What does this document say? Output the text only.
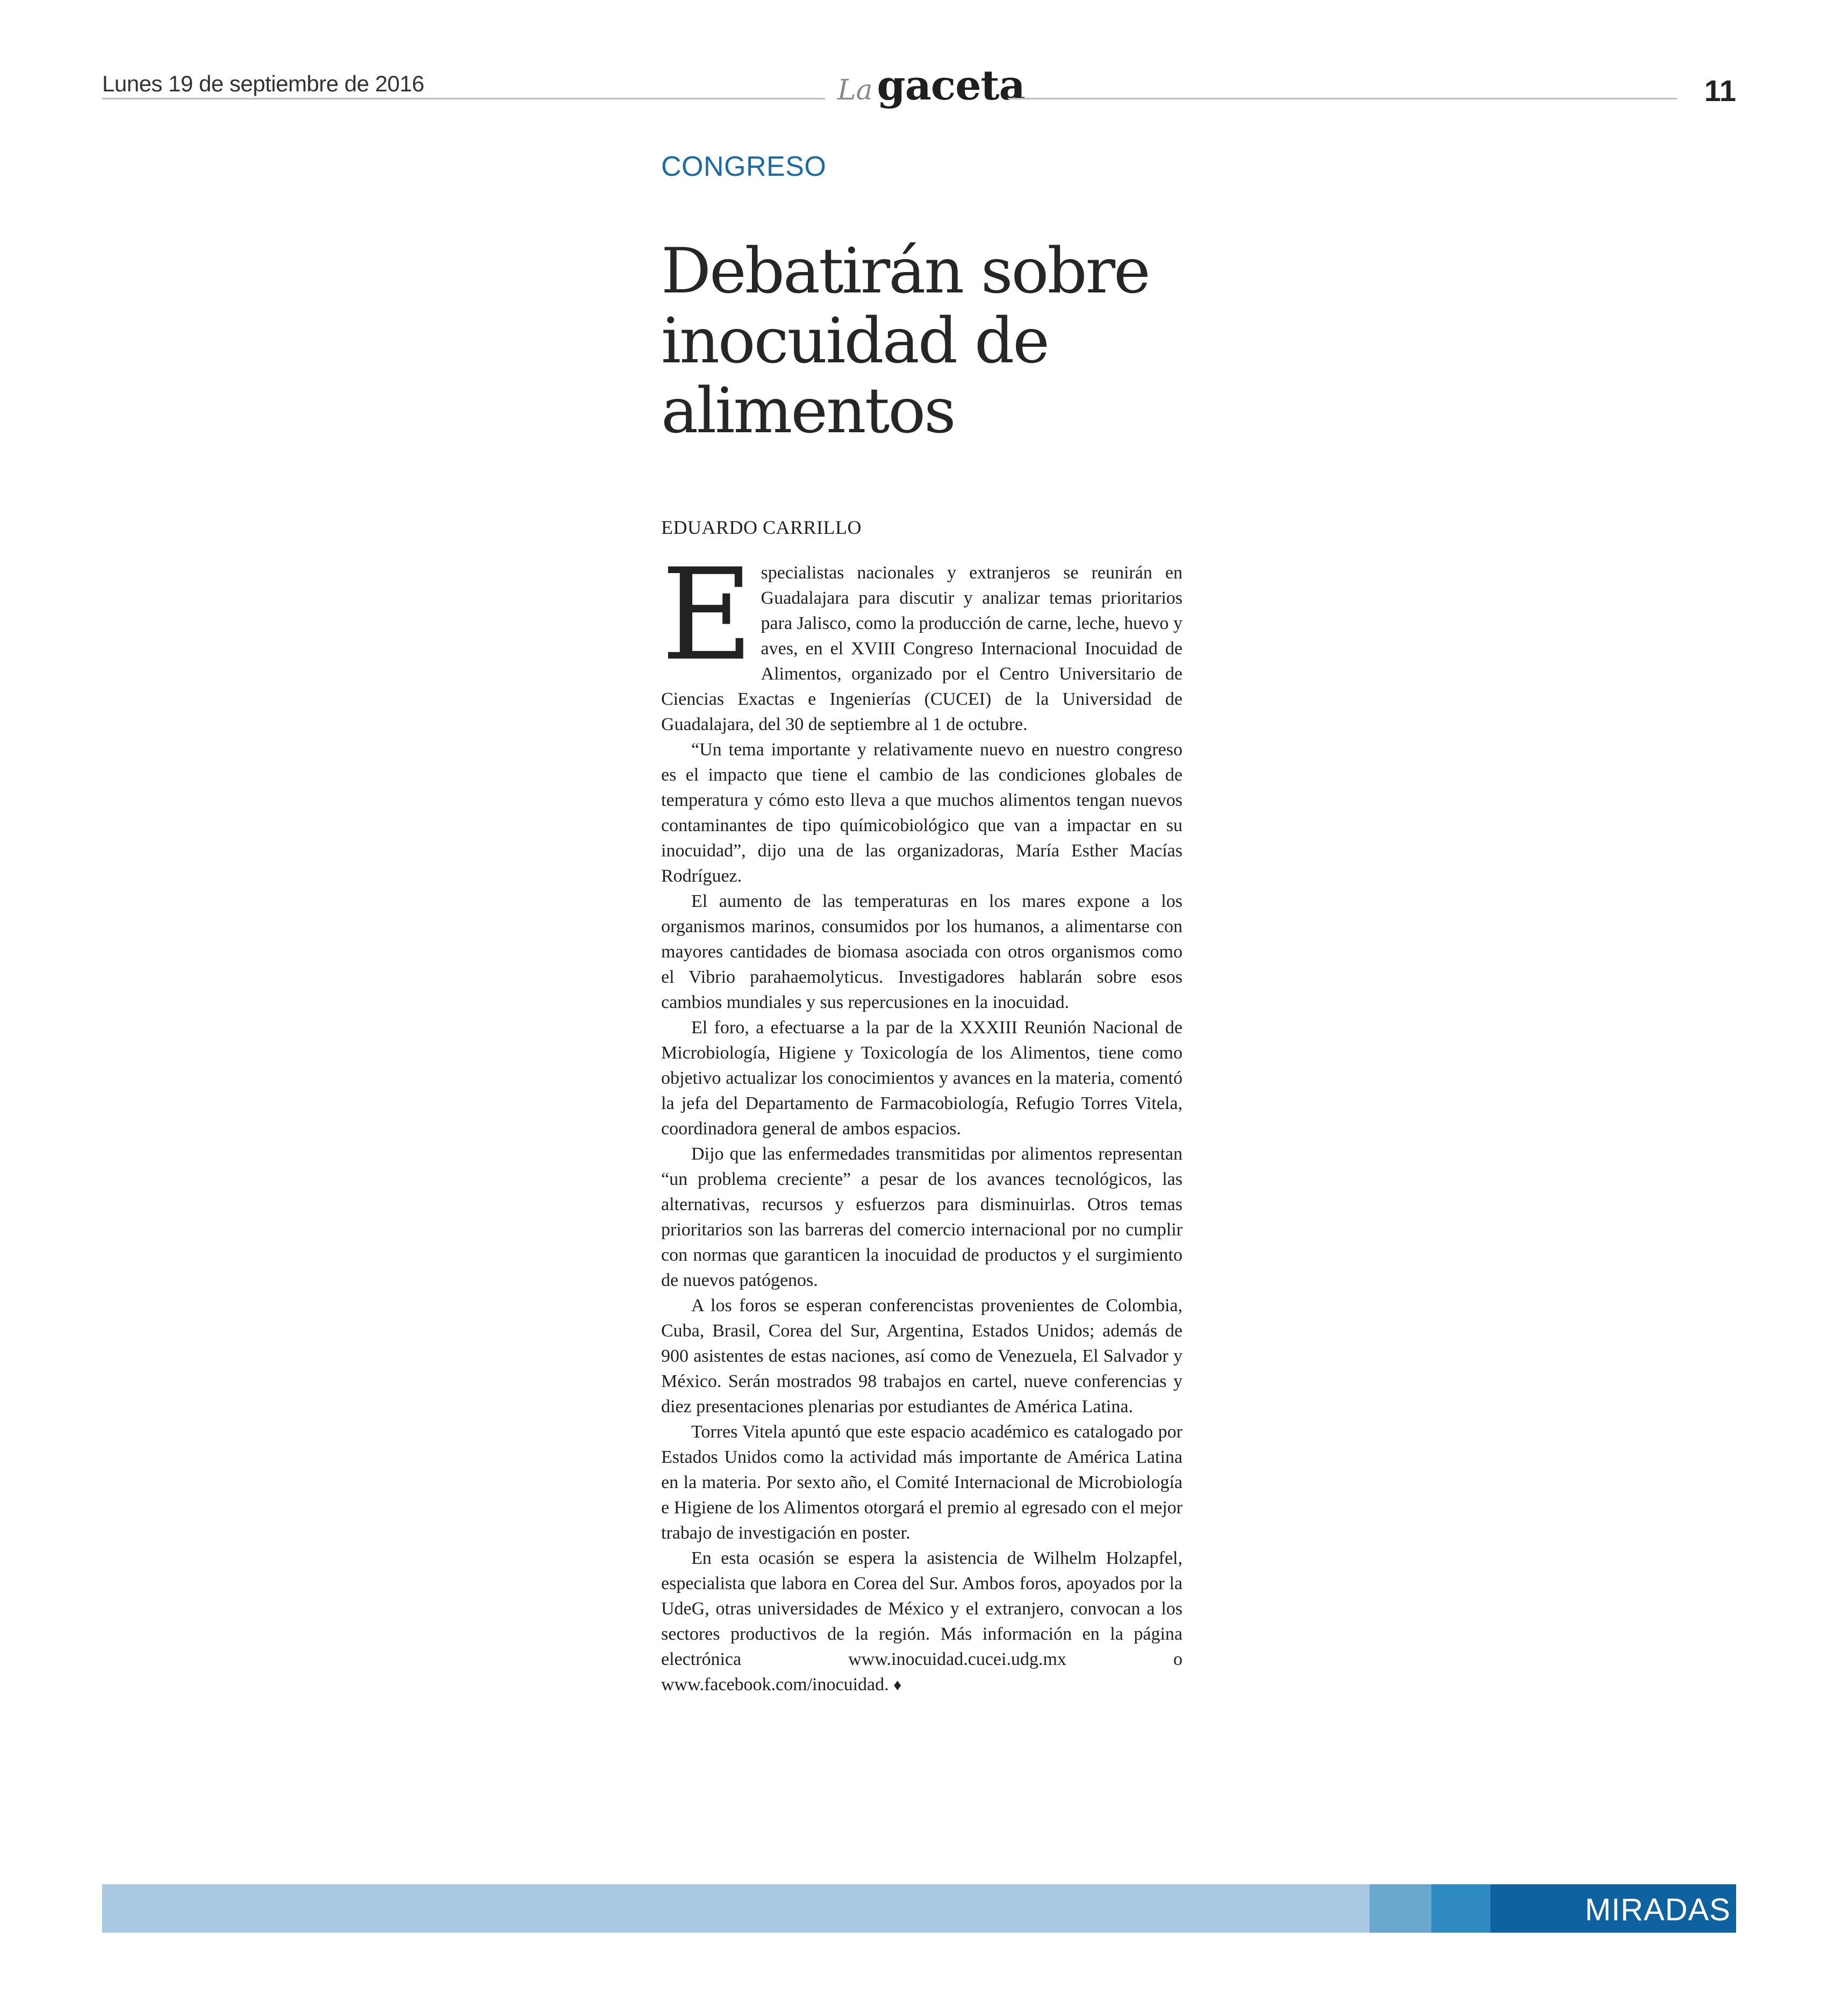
Lunes 19 de septiembre de 2016	La gaceta	11
CONGRESO
Debatirán sobre
inocuidad de
alimentos
EDUARDO CARRILLO

Especialistas nacionales y extranjeros se reunirán en Guadalajara para discutir y analizar temas prioritarios para Jalisco, como la producción de carne, leche, huevo y aves, en el XVIII Congreso Internacional Inocuidad de Alimentos, organizado por el Centro Universitario de Ciencias Exactas e Ingenierías (CUCEI) de la Universidad de Guadalajara, del 30 de septiembre al 1 de octubre.

“Un tema importante y relativamente nuevo en nuestro congreso es el impacto que tiene el cambio de las condiciones globales de temperatura y cómo esto lleva a que muchos alimentos tengan nuevos contaminantes de tipo químicobiológico que van a impactar en su inocuidad”, dijo una de las organizadoras, María Esther Macías Rodríguez.

El aumento de las temperaturas en los mares expone a los organismos marinos, consumidos por los humanos, a alimentarse con mayores cantidades de biomasa asociada con otros organismos como el Vibrio parahaemolyticus. Investigadores hablarán sobre esos cambios mundiales y sus repercusiones en la inocuidad.

El foro, a efectuarse a la par de la XXXIII Reunión Nacional de Microbiología, Higiene y Toxicología de los Alimentos, tiene como objetivo actualizar los conocimientos y avances en la materia, comentó la jefa del Departamento de Farmacobiología, Refugio Torres Vitela, coordinadora general de ambos espacios.

Dijo que las enfermedades transmitidas por alimentos representan “un problema creciente” a pesar de los avances tecnológicos, las alternativas, recursos y esfuerzos para disminuirlas. Otros temas prioritarios son las barreras del comercio internacional por no cumplir con normas que garanticen la inocuidad de productos y el surgimiento de nuevos patógenos.

A los foros se esperan conferencistas provenientes de Colombia, Cuba, Brasil, Corea del Sur, Argentina, Estados Unidos; además de 900 asistentes de estas naciones, así como de Venezuela, El Salvador y México. Serán mostrados 98 trabajos en cartel, nueve conferencias y diez presentaciones plenarias por estudiantes de América Latina.

Torres Vitela apuntó que este espacio académico es catalogado por Estados Unidos como la actividad más importante de América Latina en la materia. Por sexto año, el Comité Internacional de Microbiología e Higiene de los Alimentos otorgará el premio al egresado con el mejor trabajo de investigación en poster.

En esta ocasión se espera la asistencia de Wilhelm Holzapfel, especialista que labora en Corea del Sur. Ambos foros, apoyados por la UdeG, otras universidades de México y el extranjero, convocan a los sectores productivos de la región. Más información en la página electrónica www.inocuidad.cucei.udg.mx o www.facebook.com/inocuidad. ♦

MIRADAS
